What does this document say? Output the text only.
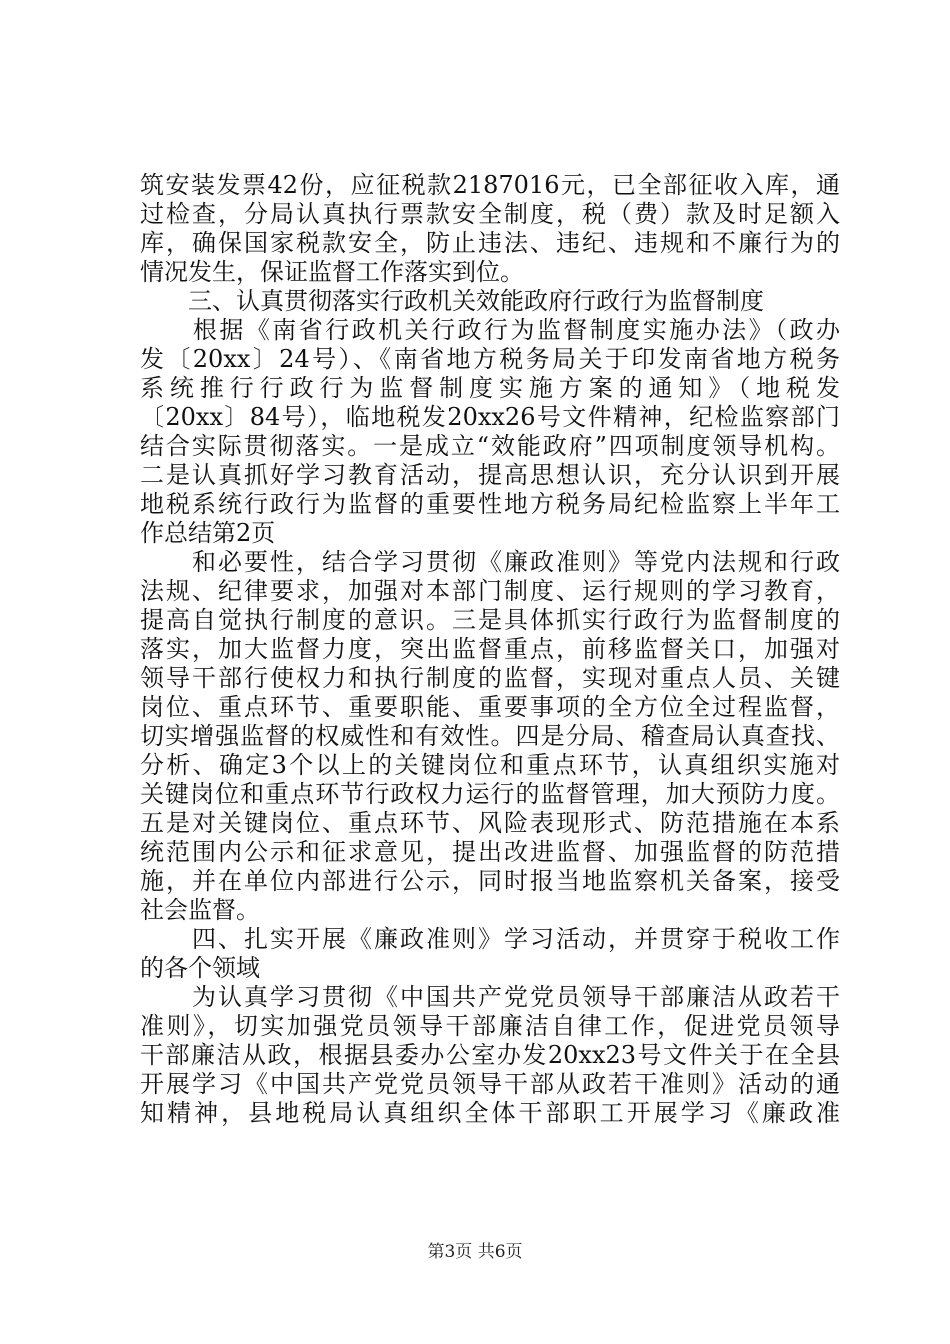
筑安装发票42份，应征税款2187016元，已全部征收入库，通
过检查，分局认真执行票款安全制度，税（费）款及时足额入
库，确保国家税款安全，防止违法、违纪、违规和不廉行为的
情况发生，保证监督工作落实到位。
　　三、认真贯彻落实行政机关效能政府行政行为监督制度
　　根据《南省行政机关行政行为监督制度实施办法》（政办
发〔20xx〕24号）、《南省地方税务局关于印发南省地方税务
系统推行行政行为监督制度实施方案的通知》（地税发
〔20xx〕84号），临地税发20xx26号文件精神，纪检监察部门
结合实际贯彻落实。一是成立“效能政府”四项制度领导机构。
二是认真抓好学习教育活动，提高思想认识，充分认识到开展
地税系统行政行为监督的重要性地方税务局纪检监察上半年工
作总结第2页
　　和必要性，结合学习贯彻《廉政准则》等党内法规和行政
法规、纪律要求，加强对本部门制度、运行规则的学习教育，
提高自觉执行制度的意识。三是具体抓实行政行为监督制度的
落实，加大监督力度，突出监督重点，前移监督关口，加强对
领导干部行使权力和执行制度的监督，实现对重点人员、关键
岗位、重点环节、重要职能、重要事项的全方位全过程监督，
切实增强监督的权威性和有效性。四是分局、稽查局认真查找、
分析、确定3个以上的关键岗位和重点环节，认真组织实施对
关键岗位和重点环节行政权力运行的监督管理，加大预防力度。
五是对关键岗位、重点环节、风险表现形式、防范措施在本系
统范围内公示和征求意见，提出改进监督、加强监督的防范措
施，并在单位内部进行公示，同时报当地监察机关备案，接受
社会监督。
　　四、扎实开展《廉政准则》学习活动，并贯穿于税收工作
的各个领域
　　为认真学习贯彻《中国共产党党员领导干部廉洁从政若干
准则》，切实加强党员领导干部廉洁自律工作，促进党员领导
干部廉洁从政，根据县委办公室办发20xx23号文件关于在全县
开展学习《中国共产党党员领导干部从政若干准则》活动的通
知精神，县地税局认真组织全体干部职工开展学习《廉政准
第3页 共6页
